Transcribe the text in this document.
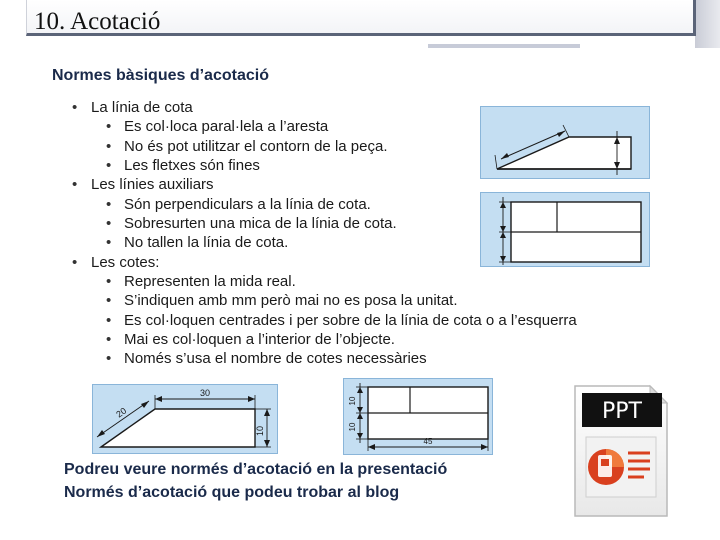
10. Acotació
Normes bàsiques d’acotació
• La línia de cota
• Es col·loca paral·lela a l’aresta
• No és pot utilitzar el contorn de la peça.
• Les fletxes són fines
• Les línies auxiliars
• Són perpendiculars a la línia de cota.
• Sobresurten una mica de la línia de cota.
• No tallen la línia de cota.
• Les cotes:
• Representen la mida real.
• S’indiquen amb mm però mai no es posa la unitat.
• Es col·loquen centrades i per sobre de la línia de cota o a l’esquerra
• Mai es col·loquen a l’interior de l’objecte.
• Només s’usa el nombre de cotes necessàries
30
20
10
10
10
45
PPT
Podreu veure normés d’acotació en la presentació
Normés d’acotació que podeu trobar al blog
